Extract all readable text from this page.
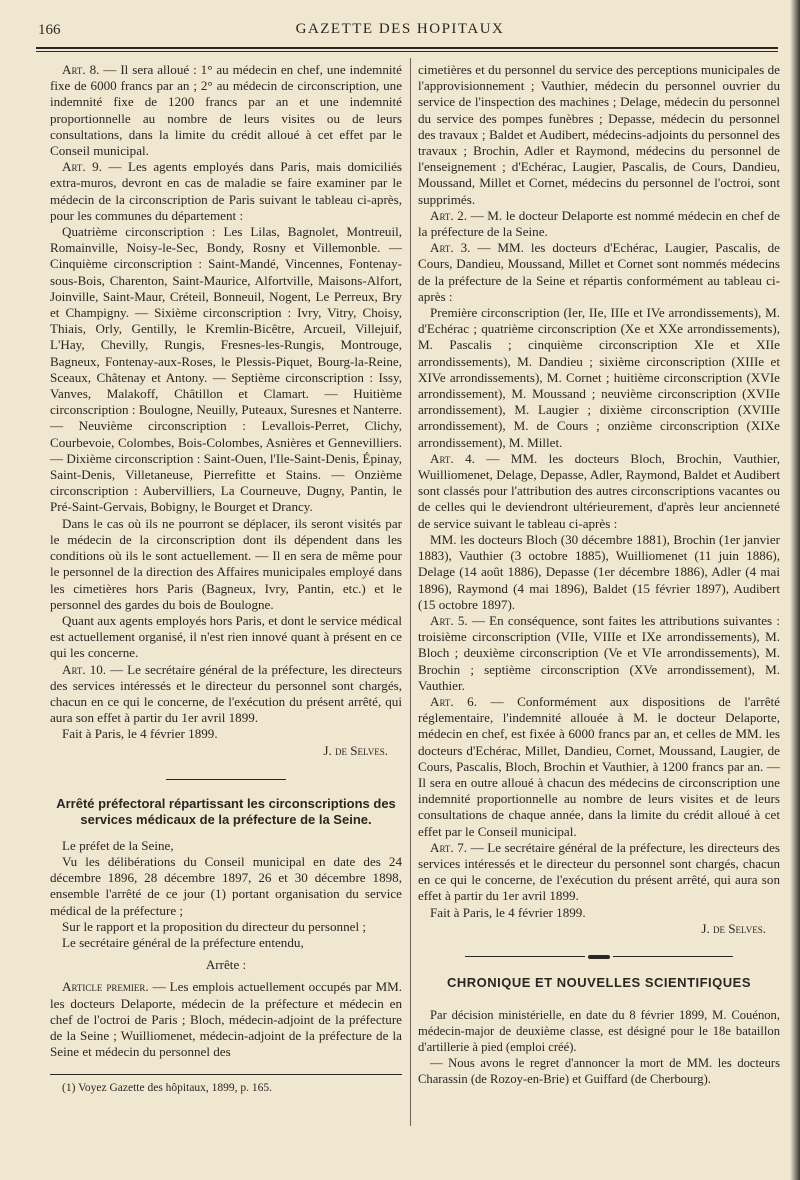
166	GAZETTE DES HOPITAUX

Art. 8. — Il sera alloué : 1° au médecin en chef, une indemnité fixe de 6000 francs par an ; 2° au médecin de circonscription, une indemnité fixe de 1200 francs par an et une indemnité proportionnelle au nombre de leurs visites ou de leurs consultations, dans la limite du crédit alloué à cet effet par le Conseil municipal.

Art. 9. — Les agents employés dans Paris, mais domiciliés extra-muros, devront en cas de maladie se faire examiner par le médecin de la circonscription de Paris suivant le tableau ci-après, pour les communes du département :

Quatrième circonscription : Les Lilas, Bagnolet, Montreuil, Romainville, Noisy-le-Sec, Bondy, Rosny et Villemonble. — Cinquième circonscription : Saint-Mandé, Vincennes, Fontenay-sous-Bois, Charenton, Saint-Maurice, Alfortville, Maisons-Alfort, Joinville, Saint-Maur, Créteil, Bonneuil, Nogent, Le Perreux, Bry et Champigny. — Sixième circonscription : Ivry, Vitry, Choisy, Thiais, Orly, Gentilly, le Kremlin-Bicêtre, Arcueil, Villejuif, L'Hay, Chevilly, Rungis, Fresnes-les-Rungis, Montrouge, Bagneux, Fontenay-aux-Roses, le Plessis-Piquet, Bourg-la-Reine, Sceaux, Châtenay et Antony. — Septième circonscription : Issy, Vanves, Malakoff, Châtillon et Clamart. — Huitième circonscription : Boulogne, Neuilly, Puteaux, Suresnes et Nanterre. — Neuvième circonscription : Levallois-Perret, Clichy, Courbevoie, Colombes, Bois-Colombes, Asnières et Gennevilliers.— Dixième circonscription : Saint-Ouen, l'Ile-Saint-Denis, Épinay, Saint-Denis, Villetaneuse, Pierrefitte et Stains. — Onzième circonscription : Aubervilliers, La Courneuve, Dugny, Pantin, le Pré-Saint-Gervais, Bobigny, le Bourget et Drancy.

Dans le cas où ils ne pourront se déplacer, ils seront visités par le médecin de la circonscription dont ils dépendent dans les conditions où ils le sont actuellement. — Il en sera de même pour le personnel de la direction des Affaires municipales employé dans les cimetières hors Paris (Bagneux, Ivry, Pantin, etc.) et le personnel des gardes du bois de Boulogne.

Quant aux agents employés hors Paris, et dont le service médical est actuellement organisé, il n'est rien innové quant à présent en ce qui les concerne.

Art. 10. — Le secrétaire général de la préfecture, les directeurs des services intéressés et le directeur du personnel sont chargés, chacun en ce qui le concerne, de l'exécution du présent arrêté, qui aura son effet à partir du 1er avril 1899.

Fait à Paris, le 4 février 1899.

J. de Selves.

Arrêté préfectoral répartissant les circonscriptions des services médicaux de la préfecture de la Seine.

Le préfet de la Seine,

Vu les délibérations du Conseil municipal en date des 24 décembre 1896, 28 décembre 1897, 26 et 30 décembre 1898, ensemble l'arrêté de ce jour (1) portant organisation du service médical de la préfecture ;

Sur le rapport et la proposition du directeur du personnel ;

Le secrétaire général de la préfecture entendu,

Arrête :

Article premier. — Les emplois actuellement occupés par MM. les docteurs Delaporte, médecin de la préfecture et médecin en chef de l'octroi de Paris ; Bloch, médecin-adjoint de la préfecture de la Seine ; Wuilliomenet, médecin-adjoint de la préfecture de la Seine et médecin du personnel des

(1) Voyez Gazette des hôpitaux, 1899, p. 165.

cimetières et du personnel du service des perceptions municipales de l'approvisionnement ; Vauthier, médecin du personnel ouvrier du service de l'inspection des machines ; Delage, médecin du personnel du service des pompes funèbres ; Depasse, médecin du personnel des travaux ; Baldet et Audibert, médecins-adjoints du personnel des travaux ; Brochin, Adler et Raymond, médecins du personnel de l'enseignement ; d'Echérac, Laugier, Pascalis, de Cours, Dandieu, Moussand, Millet et Cornet, médecins du personnel de l'octroi, sont supprimés.

Art. 2. — M. le docteur Delaporte est nommé médecin en chef de la préfecture de la Seine.

Art. 3. — MM. les docteurs d'Echérac, Laugier, Pascalis, de Cours, Dandieu, Moussand, Millet et Cornet sont nommés médecins de la préfecture de la Seine et répartis conformément au tableau ci-après :

Première circonscription (Ier, IIe, IIIe et IVe arrondissements), M. d'Echérac ; quatrième circonscription (Xe et XXe arrondissements), M. Pascalis ; cinquième circonscription XIe et XIIe arrondissements), M. Dandieu ; sixième circonscription (XIIIe et XIVe arrondissements), M. Cornet ; huitième circonscription (XVIe arrondissement), M. Moussand ; neuvième circonscription (XVIIe arrondissement), M. Laugier ; dixième circonscription (XVIIIe arrondissement), M. de Cours ; onzième circonscription (XIXe arrondissement), M. Millet.

Art. 4. — MM. les docteurs Bloch, Brochin, Vauthier, Wuilliomenet, Delage, Depasse, Adler, Raymond, Baldet et Audibert sont classés pour l'attribution des autres circonscriptions vacantes ou de celles qui le deviendront ultérieurement, d'après leur ancienneté de service suivant le tableau ci-après :

MM. les docteurs Bloch (30 décembre 1881), Brochin (1er janvier 1883), Vauthier (3 octobre 1885), Wuilliomenet (11 juin 1886), Delage (14 août 1886), Depasse (1er décembre 1886), Adler (4 mai 1896), Raymond (4 mai 1896), Baldet (15 février 1897), Audibert (15 octobre 1897).

Art. 5. — En conséquence, sont faites les attributions suivantes : troisième circonscription (VIIe, VIIIe et IXe arrondissements), M. Bloch ; deuxième circonscription (Ve et VIe arrondissements), M. Brochin ; septième circonscription (XVe arrondissement), M. Vauthier.

Art. 6. — Conformément aux dispositions de l'arrêté réglementaire, l'indemnité allouée à M. le docteur Delaporte, médecin en chef, est fixée à 6000 francs par an, et celles de MM. les docteurs d'Echérac, Millet, Dandieu, Cornet, Moussand, Laugier, de Cours, Pascalis, Bloch, Brochin et Vauthier, à 1200 francs par an. — Il sera en outre alloué à chacun des médecins de circonscription une indemnité proportionnelle au nombre de leurs visites et de leurs consultations de chaque année, dans la limite du crédit alloué à cet effet par le Conseil municipal.

Art. 7. — Le secrétaire général de la préfecture, les directeurs des services intéressés et le directeur du personnel sont chargés, chacun en ce qui le concerne, de l'exécution du présent arrêté, qui aura son effet à partir du 1er avril 1899.

Fait à Paris, le 4 février 1899.

J. de Selves.

CHRONIQUE ET NOUVELLES SCIENTIFIQUES

Par décision ministérielle, en date du 8 février 1899, M. Couénon, médecin-major de deuxième classe, est désigné pour le 18e bataillon d'artillerie à pied (emploi créé).

— Nous avons le regret d'annoncer la mort de MM. les docteurs Charassin (de Rozoy-en-Brie) et Guiffard (de Cherbourg).
